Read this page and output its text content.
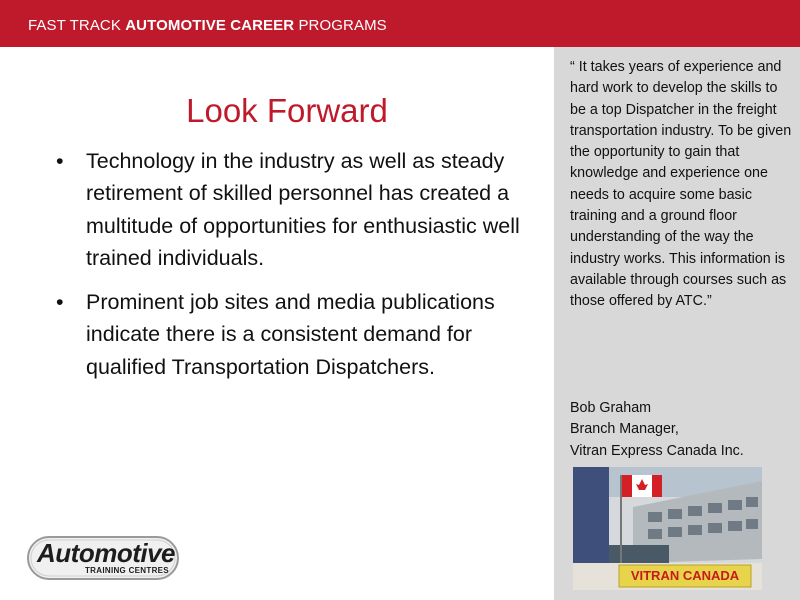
FAST TRACK AUTOMOTIVE CAREER PROGRAMS
Look Forward
• Technology in the industry as well as steady retirement of skilled personnel has created a multitude of opportunities for enthusiastic well trained individuals.
• Prominent job sites and media publications indicate there is a consistent demand for qualified Transportation Dispatchers.
“ It takes years of experience and hard work to develop the skills to be a top Dispatcher in the freight transportation industry. To be given the opportunity to gain that knowledge and experience one needs to acquire some basic training and a ground floor understanding of the way the industry works. This information is available through courses such as those offered by ATC.”
Bob Graham
Branch Manager,
Vitran Express Canada Inc.
VITRAN CANADA
Automotive
TRAINING CENTRES
